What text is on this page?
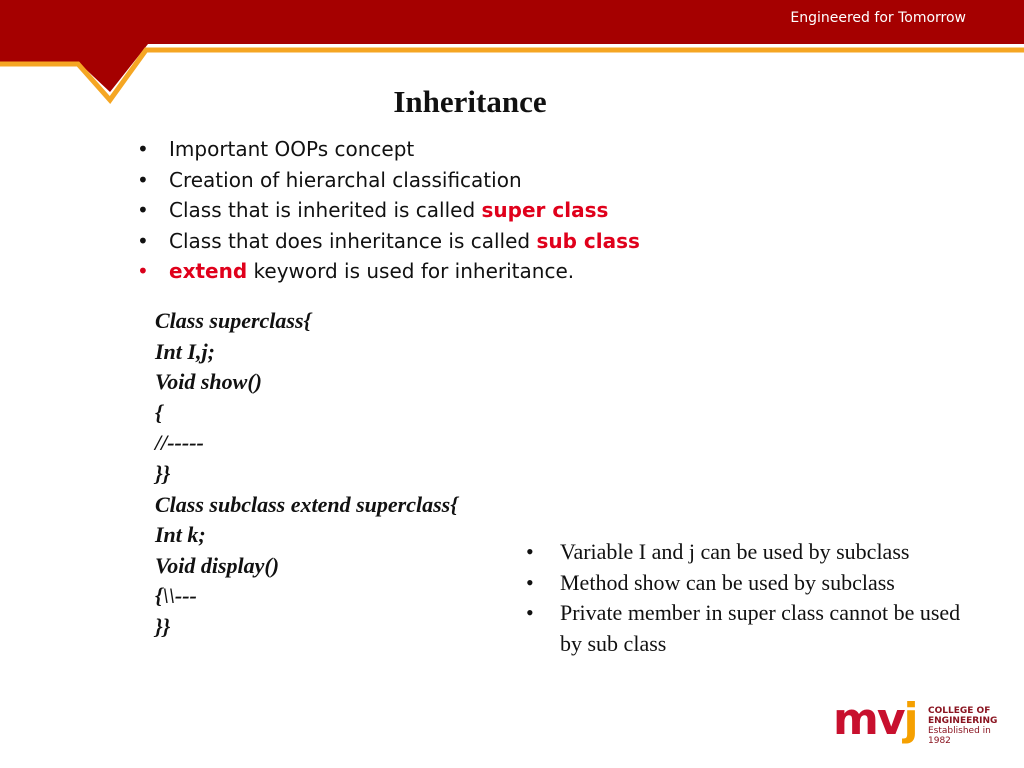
Engineered for Tomorrow
Inheritance
• Important OOPs concept
• Creation of hierarchal classification
• Class that is inherited is called super class
• Class that does inheritance is called sub class
• extend keyword is used for inheritance.
Class superclass{
Int I,j;
Void show()
{
//-----
}}
Class subclass extend superclass{
Int k;
Void display()
{\\---
}}
• Variable I and j can be used by subclass
• Method show can be used by subclass
• Private member in super class cannot be used by sub class
mvj COLLEGE OF
ENGINEERING
Established in 1982
